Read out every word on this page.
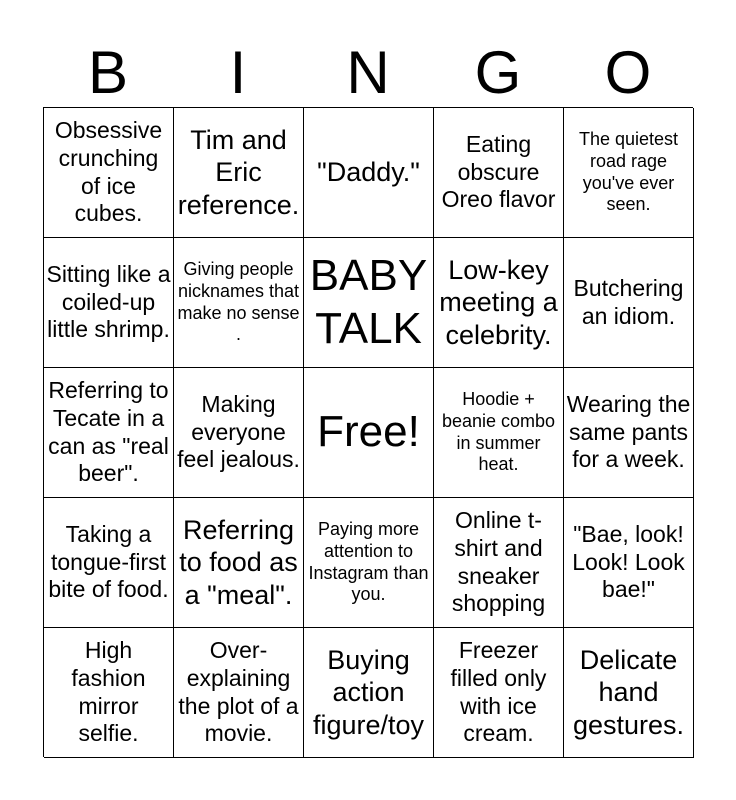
B	I	N	G	O
Obsessive crunching of ice cubes.
Tim and Eric reference.
"Daddy."
Eating obscure Oreo flavor
The quietest road rage you've ever seen.
Sitting like a coiled-up little shrimp.
Giving people nicknames that make no sense .
BABY TALK
Low-key meeting a celebrity.
Butchering an idiom.
Referring to Tecate in a can as "real beer".
Making everyone feel jealous.
Free!
Hoodie + beanie combo in summer heat.
Wearing the same pants for a week.
Taking a tongue-first bite of food.
Referring to food as a "meal".
Paying more attention to Instagram than you.
Online t-shirt and sneaker shopping
"Bae, look! Look! Look bae!"
High fashion mirror selfie.
Over-explaining the plot of a movie.
Buying action figure/toy
Freezer filled only with ice cream.
Delicate hand gestures.
